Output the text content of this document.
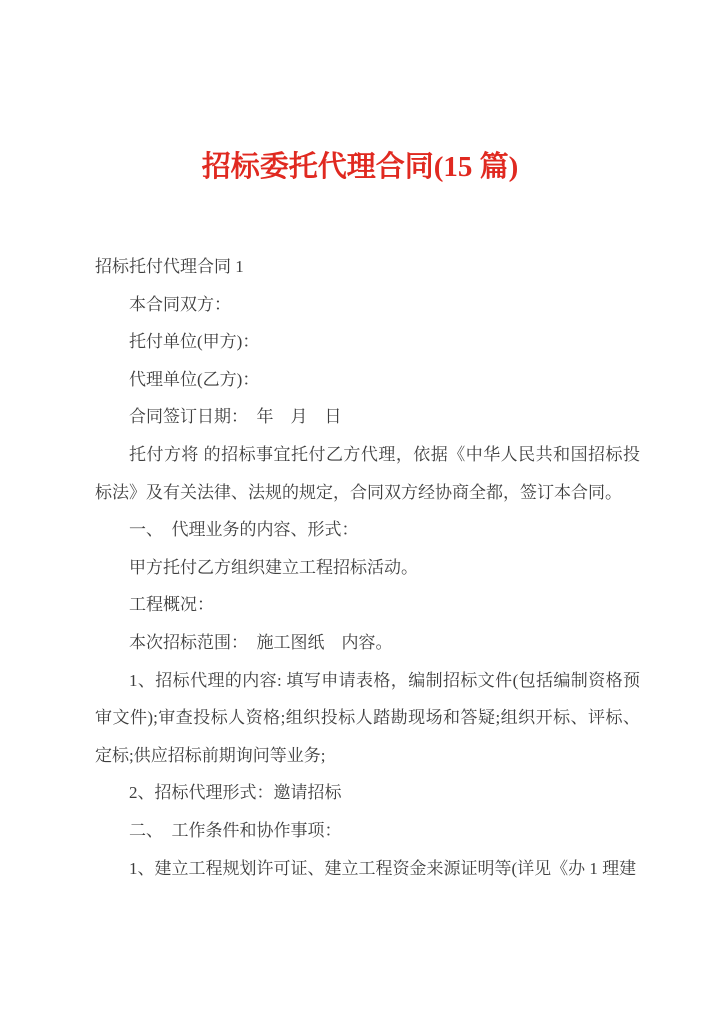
招标委托代理合同(15 篇)

招标托付代理合同 1

本合同双方：

托付单位(甲方)：

代理单位(乙方)：

合同签订日期：　年　月　日

托付方将 的招标事宜托付乙方代理，依据《中华人民共和国招标投标法》及有关法律、法规的规定，合同双方经协商全都，签订本合同。

一、　代理业务的内容、形式：

甲方托付乙方组织建立工程招标活动。

工程概况：

本次招标范围：　施工图纸　内容。

1、招标代理的内容: 填写申请表格，编制招标文件(包括编制资格预审文件);审查投标人资格;组织投标人踏勘现场和答疑;组织开标、评标、定标;供应招标前期询问等业务;

2、招标代理形式：邀请招标

二、　工作条件和协作事项：

1、建立工程规划许可证、建立工程资金来源证明等(详见《办 1 理建
